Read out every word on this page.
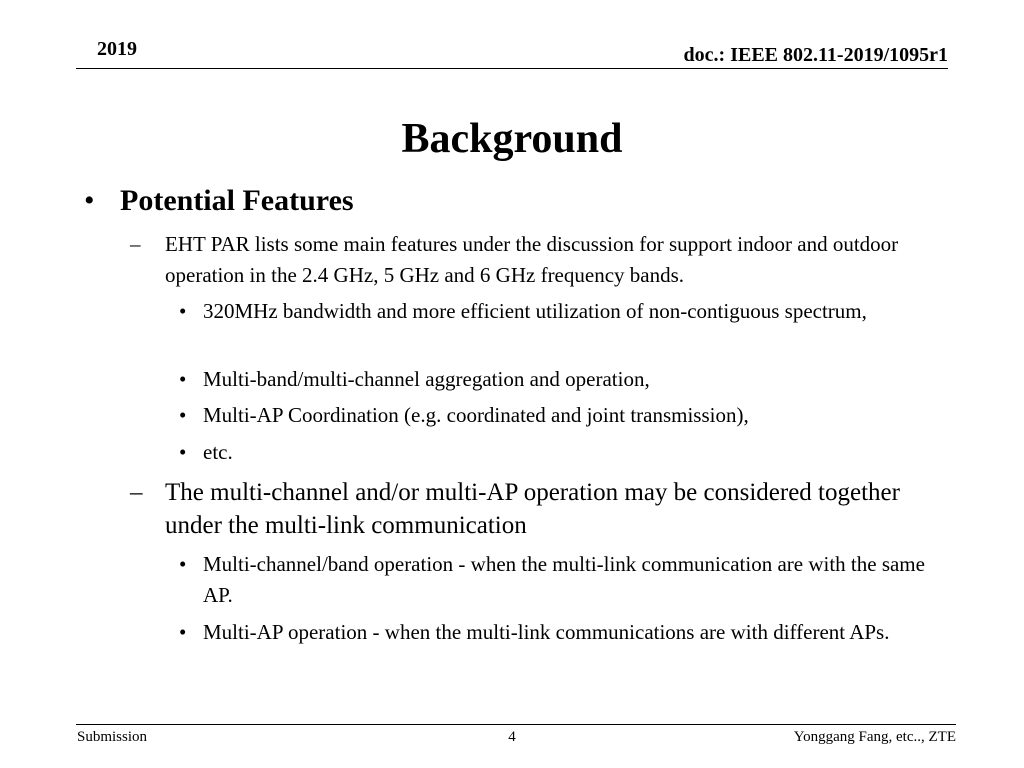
2019	doc.: IEEE 802.11-2019/1095r1
Background
• Potential Features
– EHT PAR lists some main features under the discussion for support indoor and outdoor operation in the 2.4 GHz, 5 GHz and 6 GHz frequency bands.
• 320MHz bandwidth and more efficient utilization of non-contiguous spectrum,
• Multi-band/multi-channel aggregation and operation,
• Multi-AP Coordination (e.g. coordinated and joint transmission),
• etc.
– The multi-channel and/or multi-AP operation may be considered together under the multi-link communication
• Multi-channel/band operation - when the multi-link communication are with the same AP.
• Multi-AP operation - when the multi-link communications are with different APs.
Submission	4	Yonggang Fang, etc.., ZTE
